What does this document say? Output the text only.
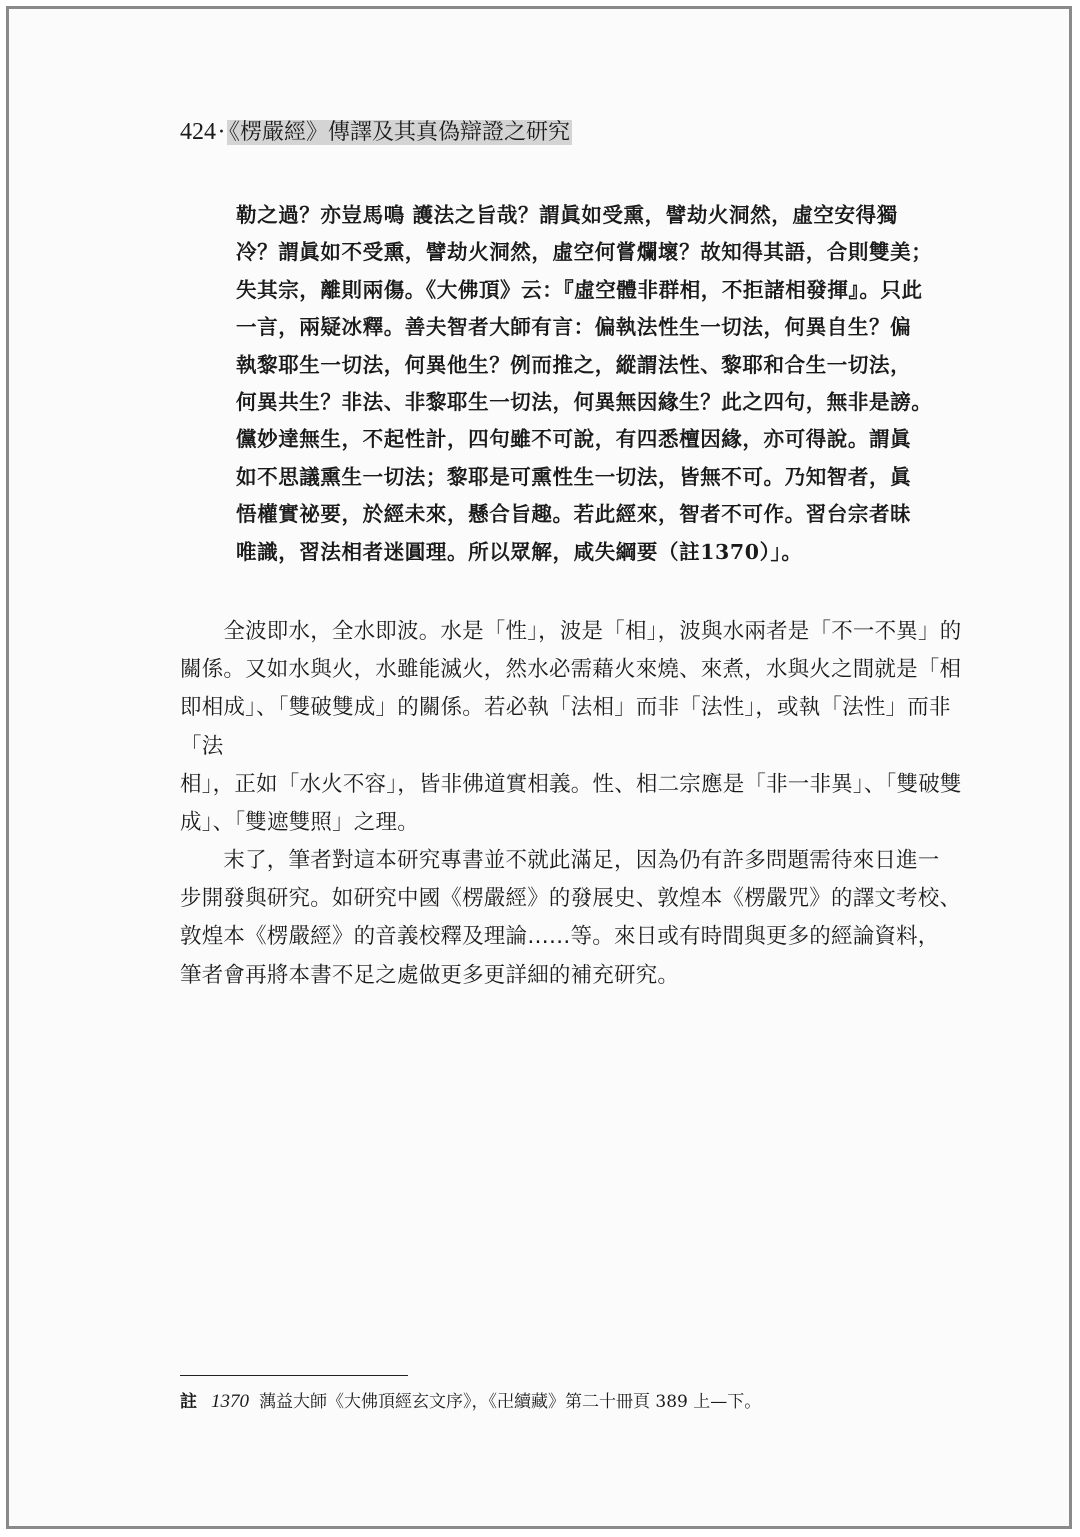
424· 《楞嚴經》傳譯及其真偽辯證之研究
勒之過？亦豈馬鳴 護法之旨哉？謂眞如受熏，譬劫火洞然，虛空安得獨
冷？謂眞如不受熏，譬劫火洞然，虛空何嘗爛壞？故知得其語，合則雙美；
失其宗，離則兩傷。《大佛頂》云：『虛空體非群相，不拒諸相發揮』。只此
一言，兩疑冰釋。善夫智者大師有言：偏執法性生一切法，何異自生？偏
執黎耶生一切法，何異他生？例而推之，縱謂法性、黎耶和合生一切法，
何異共生？非法、非黎耶生一切法，何異無因緣生？此之四句，無非是謗。
儻妙達無生，不起性計，四句雖不可說，有四悉檀因緣，亦可得說。謂眞
如不思議熏生一切法；黎耶是可熏性生一切法，皆無不可。乃知智者，眞
悟權實祕要，於經未來，懸合旨趣。若此經來，智者不可作。習台宗者昧
唯識，習法相者迷圓理。所以眾解，咸失綱要（註1370）」。
　　全波即水，全水即波。水是「性」，波是「相」，波與水兩者是「不一不異」的
關係。又如水與火，水雖能滅火，然水必需藉火來燒、來煮，水與火之間就是「相
即相成」、「雙破雙成」的關係。若必執「法相」而非「法性」，或執「法性」而非「法
相」，正如「水火不容」，皆非佛道實相義。性、相二宗應是「非一非異」、「雙破雙
成」、「雙遮雙照」之理。
　　末了，筆者對這本研究專書並不就此滿足，因為仍有許多問題需待來日進一
步開發與研究。如研究中國《楞嚴經》的發展史、敦煌本《楞嚴咒》的譯文考校、
敦煌本《楞嚴經》的音義校釋及理論……等。來日或有時間與更多的經論資料，
筆者會再將本書不足之處做更多更詳細的補充研究。
註 1370 蕅益大師《大佛頂經玄文序》，《卍續藏》第二十冊頁 389 上—下。
